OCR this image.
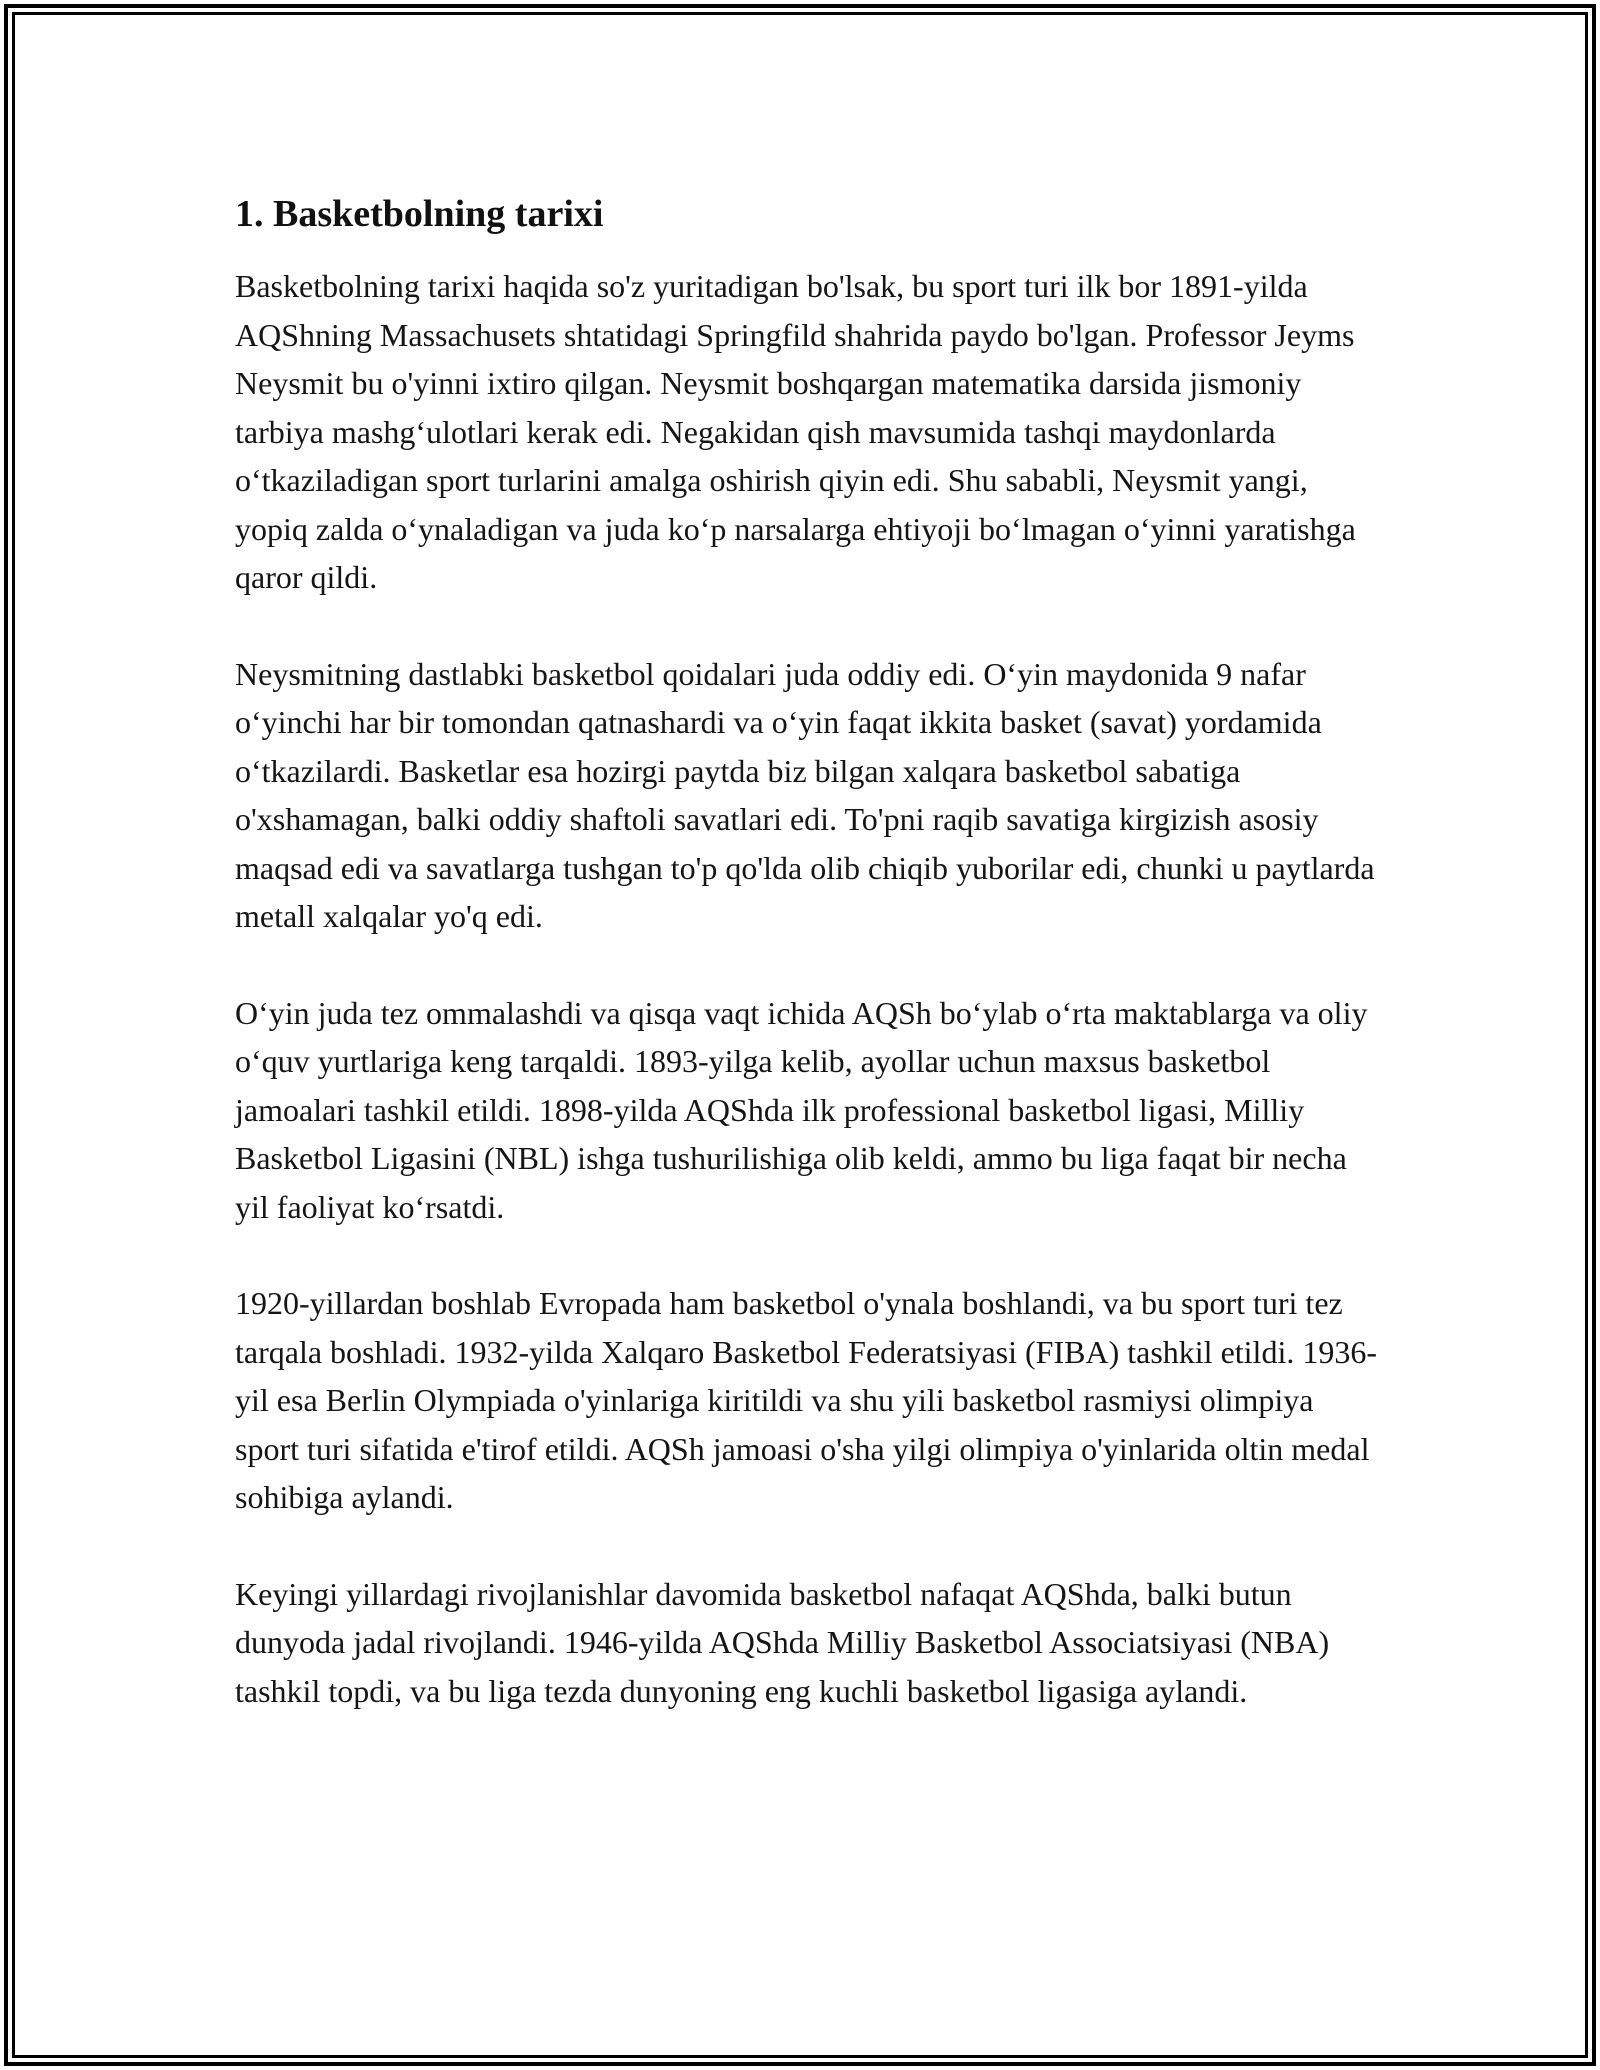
1. Basketbolning tarixi

Basketbolning tarixi haqida so'z yuritadigan bo'lsak, bu sport turi ilk bor 1891-yilda AQShning Massachusets shtatidagi Springfild shahrida paydo bo'lgan. Professor Jeyms Neysmit bu o'yinni ixtiro qilgan. Neysmit boshqargan matematika darsida jismoniy tarbiya mashg‘ulotlari kerak edi. Negakidan qish mavsumida tashqi maydonlarda o‘tkaziladigan sport turlarini amalga oshirish qiyin edi. Shu sababli, Neysmit yangi, yopiq zalda o‘ynaladigan va juda ko‘p narsalarga ehtiyoji bo‘lmagan o‘yinni yaratishga qaror qildi.

Neysmitning dastlabki basketbol qoidalari juda oddiy edi. O‘yin maydonida 9 nafar o‘yinchi har bir tomondan qatnashardi va o‘yin faqat ikkita basket (savat) yordamida o‘tkazilardi. Basketlar esa hozirgi paytda biz bilgan xalqara basketbol sabatiga o'xshamagan, balki oddiy shaftoli savatlari edi. To'pni raqib savatiga kirgizish asosiy maqsad edi va savatlarga tushgan to'p qo'lda olib chiqib yuborilar edi, chunki u paytlarda metall xalqalar yo'q edi.

O‘yin juda tez ommalashdi va qisqa vaqt ichida AQSh bo‘ylab o‘rta maktablarga va oliy o‘quv yurtlariga keng tarqaldi. 1893-yilga kelib, ayollar uchun maxsus basketbol jamoalari tashkil etildi. 1898-yilda AQShda ilk professional basketbol ligasi, Milliy Basketbol Ligasini (NBL) ishga tushurilishiga olib keldi, ammo bu liga faqat bir necha yil faoliyat ko‘rsatdi.

1920-yillardan boshlab Evropada ham basketbol o'ynala boshlandi, va bu sport turi tez tarqala boshladi. 1932-yilda Xalqaro Basketbol Federatsiyasi (FIBA) tashkil etildi. 1936-yil esa Berlin Olympiada o'yinlariga kiritildi va shu yili basketbol rasmiysi olimpiya sport turi sifatida e'tirof etildi. AQSh jamoasi o'sha yilgi olimpiya o'yinlarida oltin medal sohibiga aylandi.

Keyingi yillardagi rivojlanishlar davomida basketbol nafaqat AQShda, balki butun dunyoda jadal rivojlandi. 1946-yilda AQShda Milliy Basketbol Associatsiyasi (NBA) tashkil topdi, va bu liga tezda dunyoning eng kuchli basketbol ligasiga aylandi.
